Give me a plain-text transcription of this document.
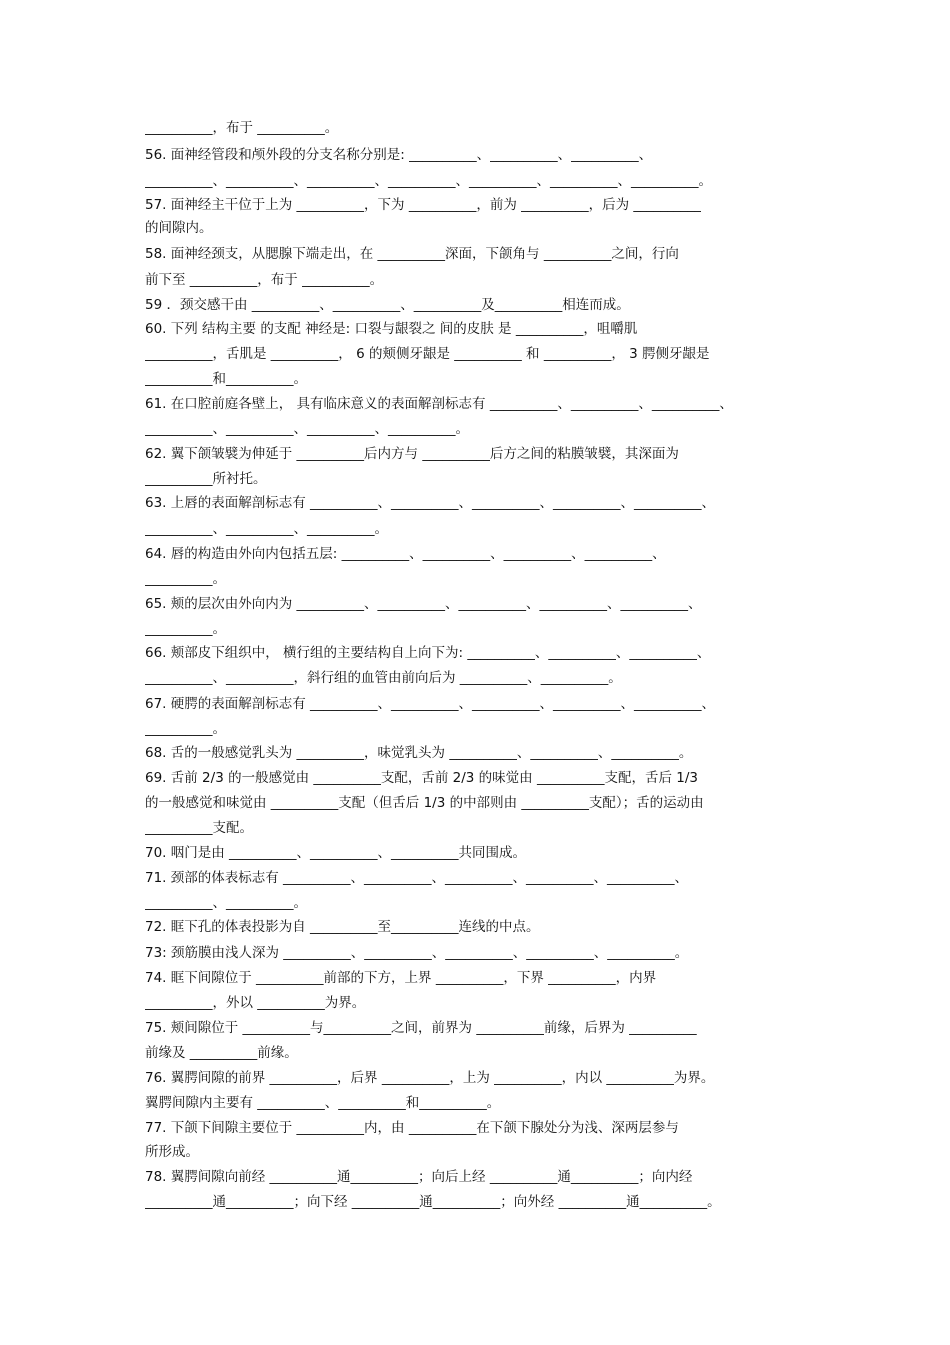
__________，布于 __________。
56. 面神经管段和颅外段的分支名称分别是: __________、__________、__________、
__________、__________、__________、__________、__________、__________、__________。
57. 面神经主干位于上为 __________，下为 __________，前为 __________，后为 __________
的间隙内。
58. 面神经颈支，从腮腺下端走出，在 __________深面，下颌角与 __________之间，行向
前下至 __________，布于 __________。
59 ．颈交感干由 __________、__________、__________及__________相连而成。
60. 下列 结构主要 的支配 神经是: 口裂与龈裂之 间的皮肤 是 __________，咀嚼肌
__________，舌肌是 __________， 6 的颊侧牙龈是 __________ 和 __________， 3 腭侧牙龈是
__________和__________。
61. 在口腔前庭各壁上， 具有临床意义的表面解剖标志有 __________、__________、__________、
__________、__________、__________、__________。
62. 翼下颌皱襞为伸延于 __________后内方与 __________后方之间的粘膜皱襞，其深面为
__________所衬托。
63. 上唇的表面解剖标志有 __________、__________、__________、__________、__________、
__________、__________、__________。
64. 唇的构造由外向内包括五层: __________、__________、__________、__________、
__________。
65. 颊的层次由外向内为 __________、__________、__________、__________、__________、
__________。
66. 颊部皮下组织中， 横行组的主要结构自上向下为: __________、__________、__________、
__________、__________，斜行组的血管由前向后为 __________、__________。
67. 硬腭的表面解剖标志有 __________、__________、__________、__________、__________、
__________。
68. 舌的一般感觉乳头为 __________，味觉乳头为 __________、__________、__________。
69. 舌前 2/3 的一般感觉由 __________支配，舌前 2/3 的味觉由 __________支配，舌后 1/3
的一般感觉和味觉由 __________支配（但舌后 1/3 的中部则由 __________支配）；舌的运动由
__________支配。
70. 咽门是由 __________、__________、__________共同围成。
71. 颈部的体表标志有 __________、__________、__________、__________、__________、
__________、__________。
72. 眶下孔的体表投影为自 __________至__________连线的中点。
73: 颈筋膜由浅人深为 __________、__________、__________、__________、__________。
74. 眶下间隙位于 __________前部的下方，上界 __________，下界 __________，内界
__________，外以 __________为界。
75. 颊间隙位于 __________与__________之间，前界为 __________前缘，后界为 __________
前缘及 __________前缘。
76. 翼腭间隙的前界 __________，后界 __________，上为 __________，内以 __________为界。
翼腭间隙内主要有 __________、__________和__________。
77. 下颌下间隙主要位于 __________内，由 __________在下颌下腺处分为浅、深两层参与
所形成。
78. 翼腭间隙向前经 __________通__________；向后上经 __________通__________；向内经
__________通__________；向下经 __________通__________；向外经 __________通__________。
